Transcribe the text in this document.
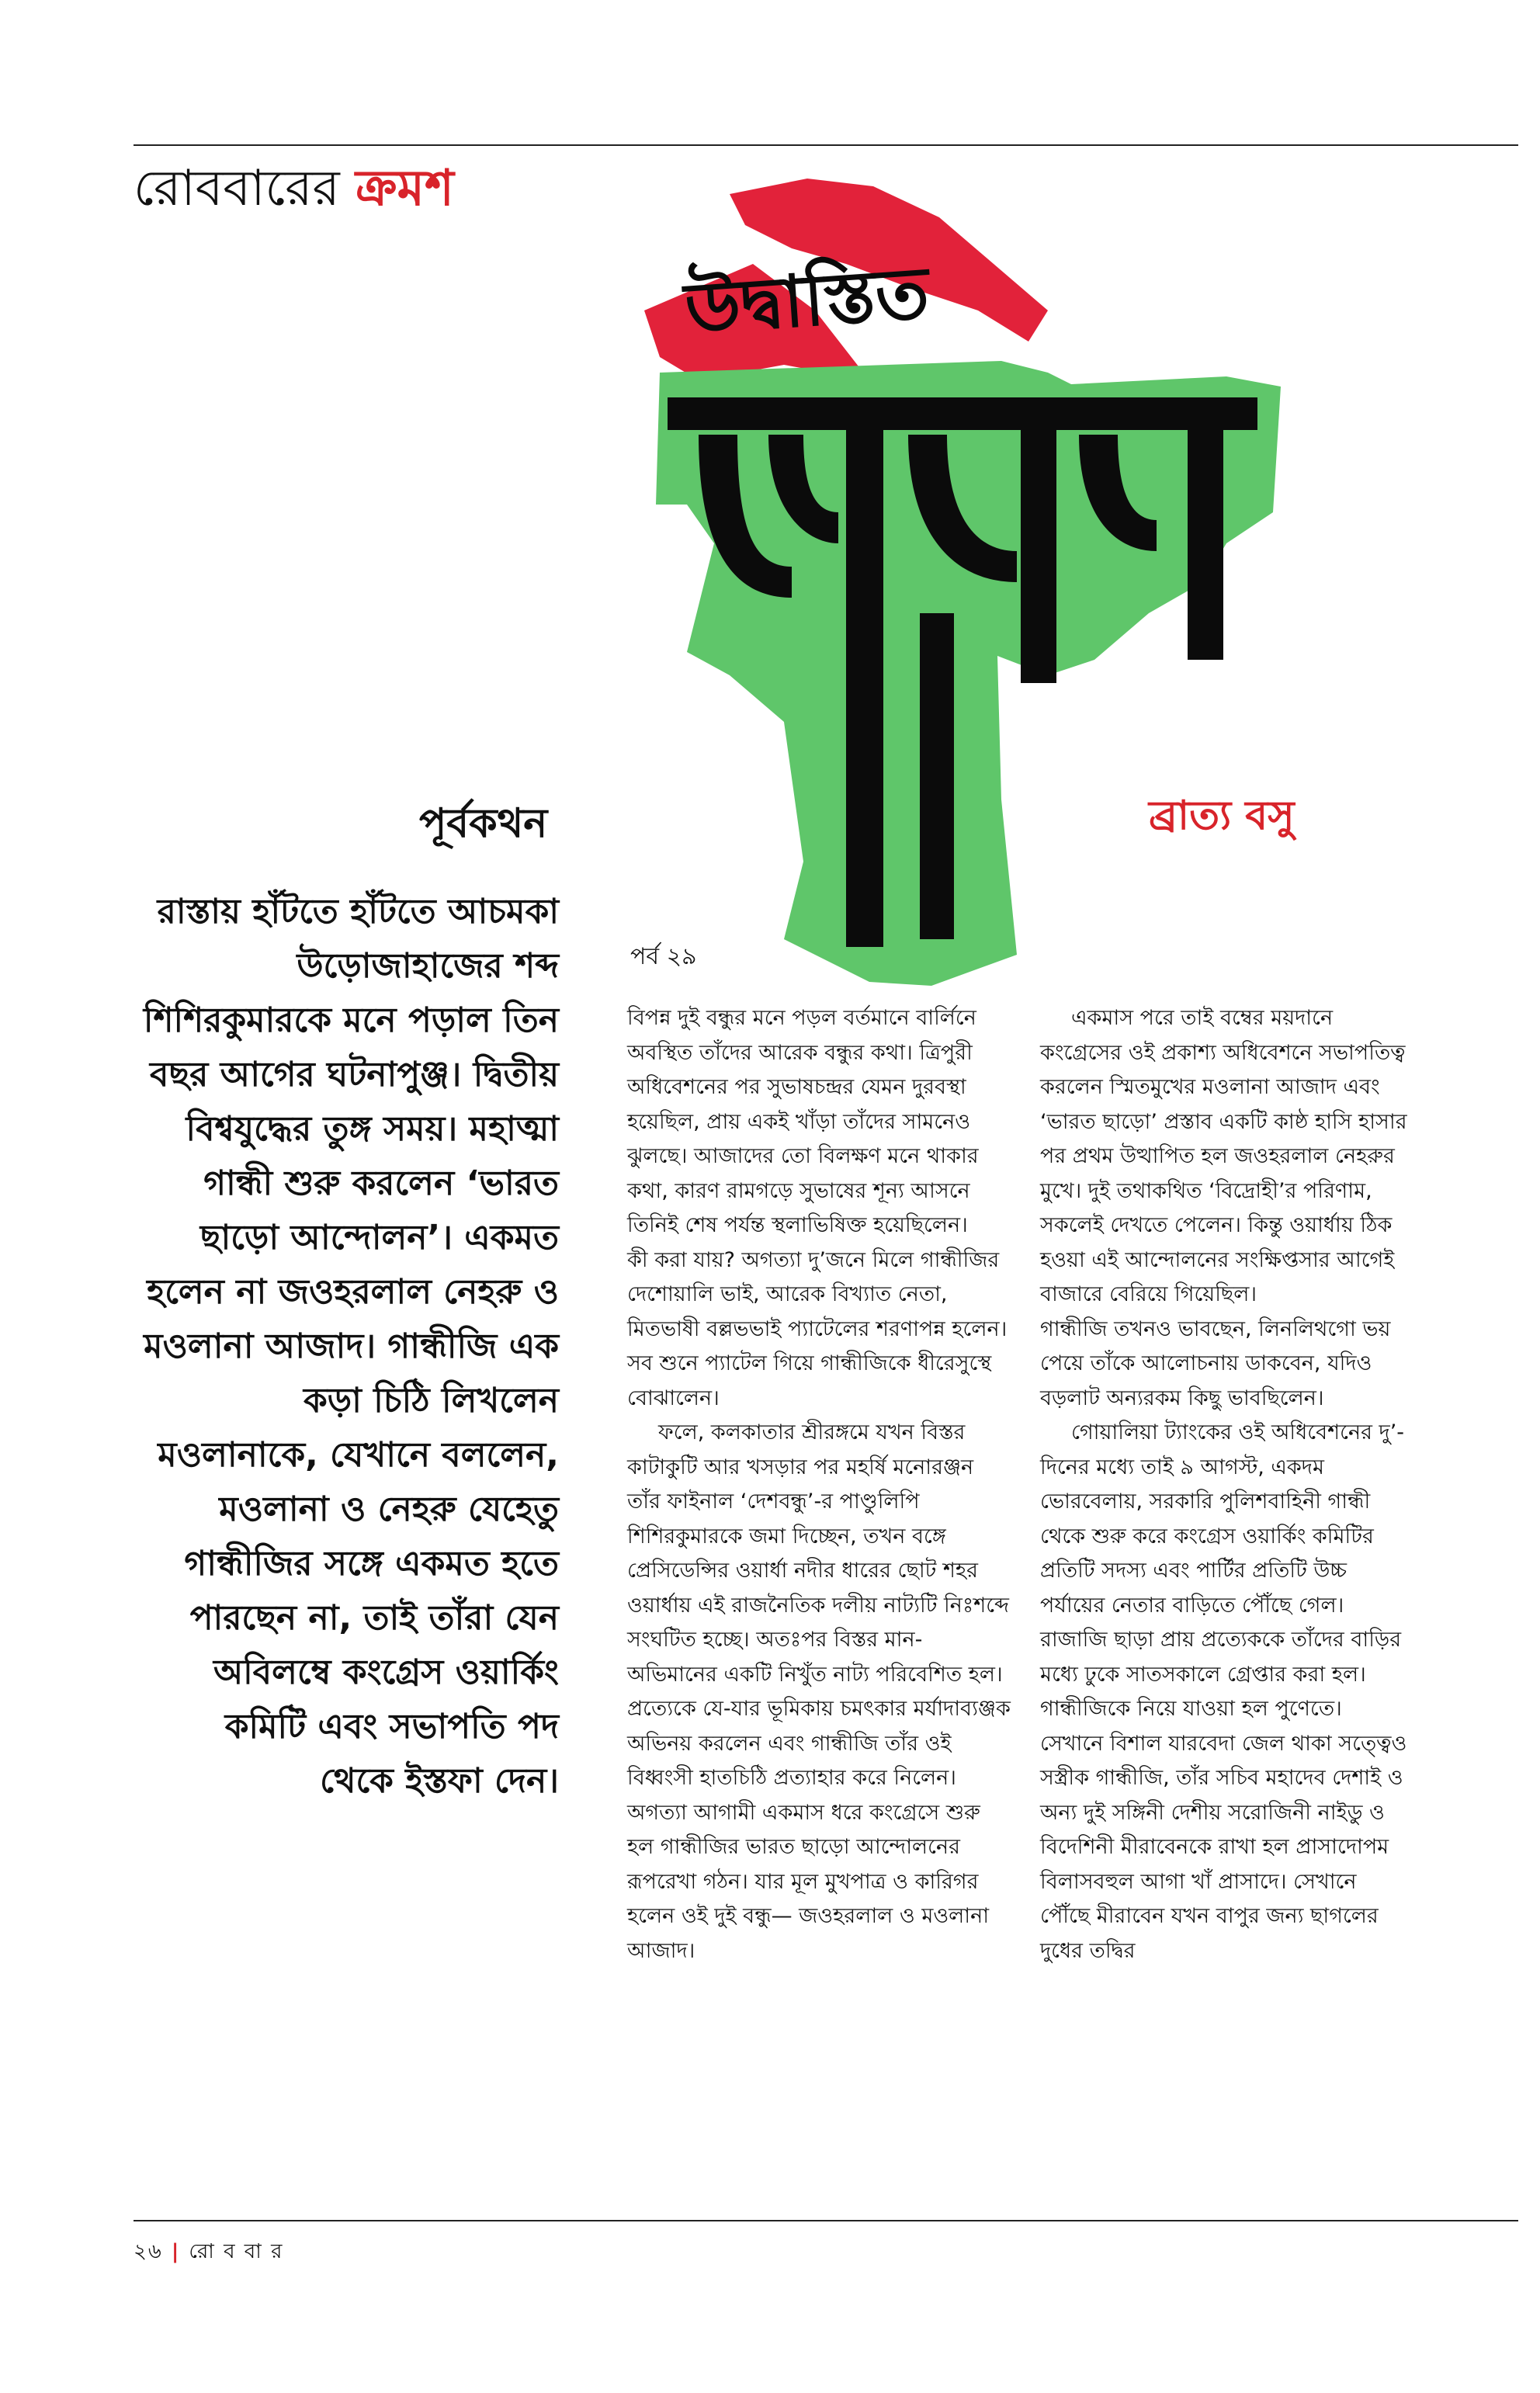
রোববারের ক্রমশ
উদ্বাস্তিত
ব্রাত্য বসু
পূর্বকথন
রাস্তায় হাঁটতে হাঁটতে আচমকা উড়োজাহাজের শব্দ শিশিরকুমারকে মনে পড়াল তিন বছর আগের ঘটনাপুঞ্জ। দ্বিতীয় বিশ্বযুদ্ধের তুঙ্গ সময়। মহাত্মা গান্ধী শুরু করলেন ‘ভারত ছাড়ো আন্দোলন’। একমত হলেন না জওহরলাল নেহরু ও মওলানা আজাদ। গান্ধীজি এক কড়া চিঠি লিখলেন মওলানাকে, যেখানে বললেন, মওলানা ও নেহরু যেহেতু গান্ধীজির সঙ্গে একমত হতে পারছেন না, তাই তাঁরা যেন অবিলম্বে কংগ্রেস ওয়ার্কিং কমিটি এবং সভাপতি পদ থেকে ইস্তফা দেন।
পর্ব ২৯

বিপন্ন দুই বন্ধুর মনে পড়ল বর্তমানে বার্লিনে অবস্থিত তাঁদের আরেক বন্ধুর কথা। ত্রিপুরী অধিবেশনের পর সুভাষচন্দ্রর যেমন দুরবস্থা হয়েছিল, প্রায় একই খাঁড়া তাঁদের সামনেও ঝুলছে। আজাদের তো বিলক্ষণ মনে থাকার কথা, কারণ রামগড়ে সুভাষের শূন্য আসনে তিনিই শেষ পর্যন্ত স্থলাভিষিক্ত হয়েছিলেন।

কী করা যায়? অগত্যা দু’জনে মিলে গান্ধীজির দেশোয়ালি ভাই, আরেক বিখ্যাত নেতা, মিতভাষী বল্লভভাই প্যাটেলের শরণাপন্ন হলেন। সব শুনে প্যাটেল গিয়ে গান্ধীজিকে ধীরেসুস্থে বোঝালেন।

ফলে, কলকাতার শ্রীরঙ্গমে যখন বিস্তর কাটাকুটি আর খসড়ার পর মহর্ষি মনোরঞ্জন তাঁর ফাইনাল ‘দেশবন্ধু’-র পাণ্ডুলিপি শিশিরকুমারকে জমা দিচ্ছেন, তখন বঙ্গে প্রেসিডেন্সির ওয়ার্ধা নদীর ধারের ছোট শহর ওয়ার্ধায় এই রাজনৈতিক দলীয় নাট্যটি নিঃশব্দে সংঘটিত হচ্ছে। অতঃপর বিস্তর মান-অভিমানের একটি নিখুঁত নাট্য পরিবেশিত হল। প্রত্যেকে যে-যার ভূমিকায় চমৎকার মর্যাদাব্যঞ্জক অভিনয় করলেন এবং গান্ধীজি তাঁর ওই বিধ্বংসী হাতচিঠি প্রত্যাহার করে নিলেন। অগত্যা আগামী একমাস ধরে কংগ্রেসে শুরু হল গান্ধীজির ভারত ছাড়ো আন্দোলনের রূপরেখা গঠন। যার মূল মুখপাত্র ও কারিগর হলেন ওই দুই বন্ধু— জওহরলাল ও মওলানা আজাদ।

একমাস পরে তাই বম্বের ময়দানে কংগ্রেসের ওই প্রকাশ্য অধিবেশনে সভাপতিত্ব করলেন স্মিতমুখের মওলানা আজাদ এবং ‘ভারত ছাড়ো’ প্রস্তাব একটি কাষ্ঠ হাসি হাসার পর প্রথম উত্থাপিত হল জওহরলাল নেহরুর মুখে। দুই তথাকথিত ‘বিদ্রোহী’র পরিণাম, সকলেই দেখতে পেলেন। কিন্তু ওয়ার্ধায় ঠিক হওয়া এই আন্দোলনের সংক্ষিপ্তসার আগেই বাজারে বেরিয়ে গিয়েছিল।

গান্ধীজি তখনও ভাবছেন, লিনলিথগো ভয় পেয়ে তাঁকে আলোচনায় ডাকবেন, যদিও বড়লাট অন্যরকম কিছু ভাবছিলেন।

গোয়ালিয়া ট্যাংকের ওই অধিবেশনের দু’-দিনের মধ্যে তাই ৯ আগস্ট, একদম ভোরবেলায়, সরকারি পুলিশবাহিনী গান্ধী থেকে শুরু করে কংগ্রেস ওয়ার্কিং কমিটির প্রতিটি সদস্য এবং পার্টির প্রতিটি উচ্চ পর্যায়ের নেতার বাড়িতে পৌঁছে গেল। রাজাজি ছাড়া প্রায় প্রত্যেককে তাঁদের বাড়ির মধ্যে ঢুকে সাতসকালে গ্রেপ্তার করা হল। গান্ধীজিকে নিয়ে যাওয়া হল পুণেতে। সেখানে বিশাল যারবেদা জেল থাকা সত্ত্বেও সস্ত্রীক গান্ধীজি, তাঁর সচিব মহাদেব দেশাই ও অন্য দুই সঙ্গিনী দেশীয় সরোজিনী নাইডু ও বিদেশিনী মীরাবেনকে রাখা হল প্রাসাদোপম বিলাসবহুল আগা খাঁ প্রাসাদে। সেখানে পৌঁছে মীরাবেন যখন বাপুর জন্য ছাগলের দুধের তদ্বির

২৬ | রো ব বা র
